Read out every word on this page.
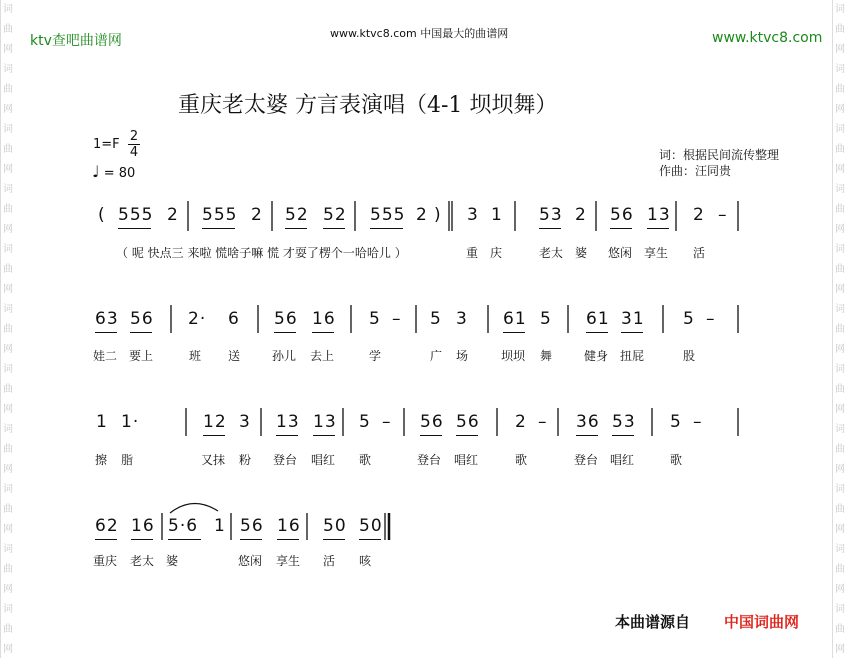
词
曲
网
词
曲
网
词
曲
网
词
曲
网
词
曲
网
词
曲
网
词
曲
网
词
曲
网
词
曲
网
词
曲
网
词
曲
网
词
曲
网
词
曲
网
词
曲
网
词
曲
网
词
曲
网
词
曲
网
词
曲
网
词
曲
网
词
曲
网
词
曲
网
词
曲
网
ktv查吧曲谱网	www.ktvc8.com 中国最大的曲谱网	www.ktvc8.com
重庆老太婆 方言表演唱（4-1 坝坝舞）
1=F
2
4
♩ = 80
词：根据民间流传整理
作曲：汪同贵
( 555 2 555 2 52 52 555 2 ) 3 1 53 2 56 13 2 –
（ 呢 快点三 来啦 慌啥子嘛 慌 才耍了楞个一哈哈儿 ）	重 庆	老太 婆 悠闲 享生 活
63 56 2· 6 56 16 5 – 5 3 61 5 61 31 5 –
娃二 要上	班 送	孙儿 去上	学	广 场	坝坝 舞	健身 扭屁	股
1 1·	12 3 13 13 5 – 56 56 2 – 36 53 5 –
擦 脂	又抹 粉 登台 唱红 歌	登台 唱红	歌	登台 唱红	歌
62 16 5·6 1 56 16 50 50
重庆 老太 婆	悠闲 享生 活 咳
本曲谱源自 中国词曲网
